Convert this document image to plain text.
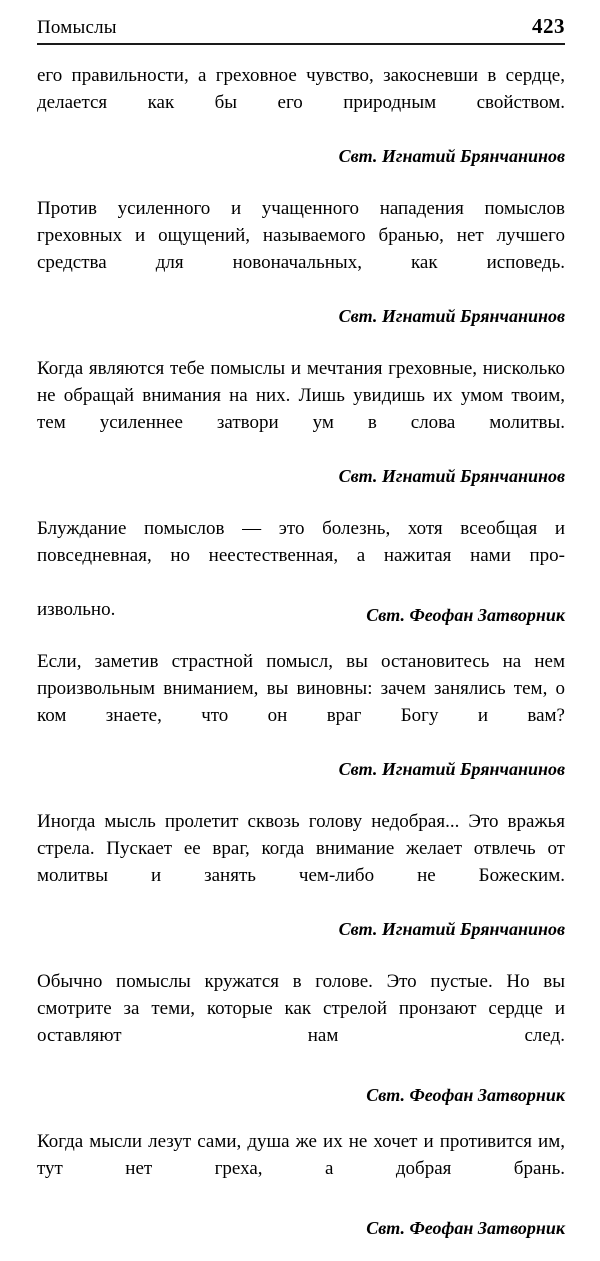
Помыслы	423

его правильности, а греховное чувство, закосневши в сердце, делается как бы его природным свойством.

Свт. Игнатий Брянчанинов

Против усиленного и учащенного нападения помыслов греховных и ощущений, называемого бранью, нет лучшего средства для новоначальных, как исповедь.

Свт. Игнатий Брянчанинов

Когда являются тебе помыслы и мечтания греховные, нисколько не обращай внимания на них. Лишь увидишь их умом твоим, тем усиленнее затвори ум в слова молитвы.

Свт. Игнатий Брянчанинов

Блуждание помыслов — это болезнь, хотя всеобщая и повседневная, но неестественная, а нажитая нами про-

извольно.	Свт. Феофан Затворник

Если, заметив страстной помысл, вы остановитесь на нем произвольным вниманием, вы виновны: зачем занялись тем, о ком знаете, что он враг Богу и вам?

Свт. Игнатий Брянчанинов

Иногда мысль пролетит сквозь голову недобрая... Это вражья стрела. Пускает ее враг, когда внимание желает отвлечь от молитвы и занять чем-либо не Божеским.

Свт. Игнатий Брянчанинов

Обычно помыслы кружатся в голове. Это пустые. Но вы смотрите за теми, которые как стрелой пронзают сердце и оставляют нам след.

Свт. Феофан Затворник

Когда мысли лезут сами, душа же их не хочет и противится им, тут нет греха, а добрая брань.

Свт. Феофан Затворник
